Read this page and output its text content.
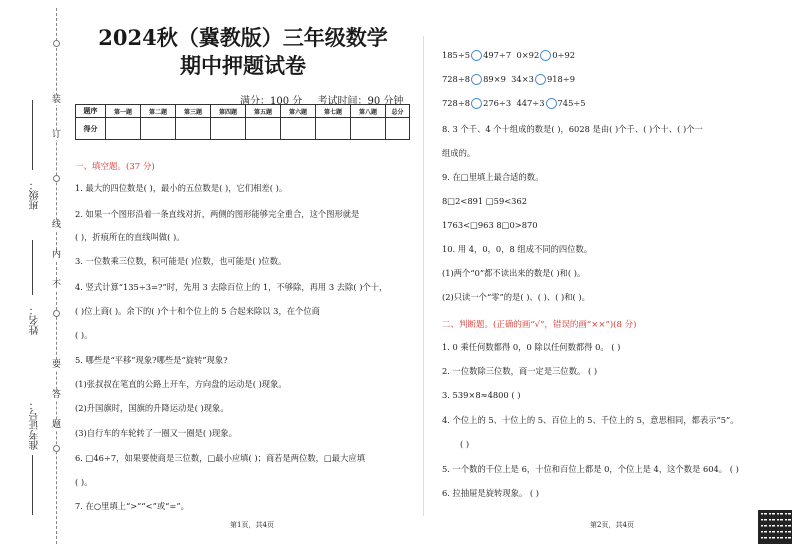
装
订
线
内
不
要
答
题
班级：
姓名：
准考证号：
2024秋（冀教版）三年级数学
期中押题试卷
满分：100 分 考试时间：90 分钟
题序	第一题	第二题	第三题	第四题	第五题	第六题	第七题	第八题	总分
得分									
一、填空题。(37 分)
1. 最大的四位数是( )，最小的五位数是( )，它们相差( )。
2. 如果一个图形沿着一条直线对折，两侧的图形能够完全重合，这个图形就是
( )，折痕所在的直线叫做( )。
3. 一位数乘三位数，积可能是( )位数，也可能是( )位数。
4. 竖式计算“135÷3=?”时，先用 3 去除百位上的 1，不够除，再用 3 去除( )个十，
( )位上商( )。余下的( )个十和个位上的 5 合起来除以 3，在个位商
( )。
5. 哪些是“平移”现象?哪些是“旋转”现象?
(1)张叔叔在笔直的公路上开车，方向盘的运动是( )现象。
(2)升国旗时，国旗的升降运动是( )现象。
(3)自行车的车轮转了一圈又一圈是( )现象。
6. □46÷7，如果要使商是三位数，□最小应填( )；商若是两位数，□最大应填
( )。
7. 在○里填上“>”“<”或“=”。
第1页，共4页
185÷5 497÷7 0×92 0÷92
728÷8 89×9 34×3 918÷9
728÷8 276÷3 447÷3 745÷5
8. 3 个千、4 个十组成的数是( )，6028 是由( )个千、( )个十、( )个一
组成的。
9. 在□里填上最合适的数。
8□2<891 □59<362
1763<□963 8□0>870
10. 用 4，0，0，8 组成不同的四位数。
(1)两个“0”都不读出来的数是( )和( )。
(2)只读一个“零”的是( )、( )、( )和( )。
二、判断题。(正确的画“√”，错误的画“××”)(8 分)
1. 0 乘任何数都得 0，0 除以任何数都得 0。 ( )
2. 一位数除三位数，商一定是三位数。 ( )
3. 539×8≈4800 ( )
4. 个位上的 5、十位上的 5、百位上的 5、千位上的 5，意思相同，都表示“5”。
( )
5. 一个数的千位上是 6，十位和百位上都是 0，个位上是 4，这个数是 604。 ( )
6. 拉抽屉是旋转现象。 ( )
第2页，共4页
